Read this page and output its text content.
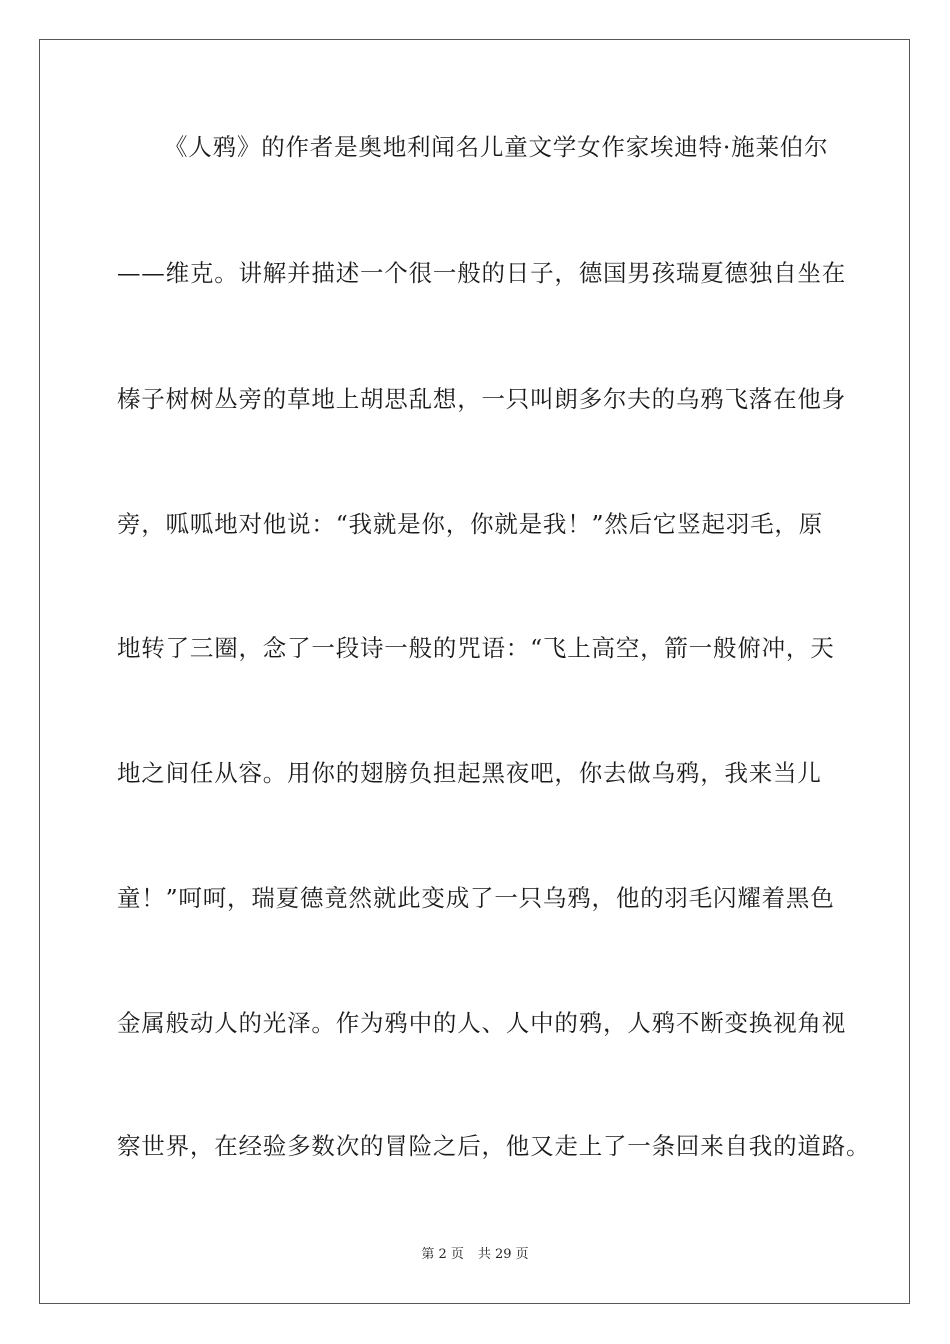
《人鸦》的作者是奥地利闻名儿童文学女作家埃迪特·施莱伯尔
——维克。讲解并描述一个很一般的日子，德国男孩瑞夏德独自坐在
榛子树树丛旁的草地上胡思乱想，一只叫朗多尔夫的乌鸦飞落在他身
旁，呱呱地对他说：“我就是你，你就是我！”然后它竖起羽毛，原
地转了三圈，念了一段诗一般的咒语：“飞上高空，箭一般俯冲，天
地之间任从容。用你的翅膀负担起黑夜吧，你去做乌鸦，我来当儿
童！”呵呵，瑞夏德竟然就此变成了一只乌鸦，他的羽毛闪耀着黑色
金属般动人的光泽。作为鸦中的人、人中的鸦，人鸦不断变换视角视
察世界，在经验多数次的冒险之后，他又走上了一条回来自我的道路。
第 2 页 共 29 页
